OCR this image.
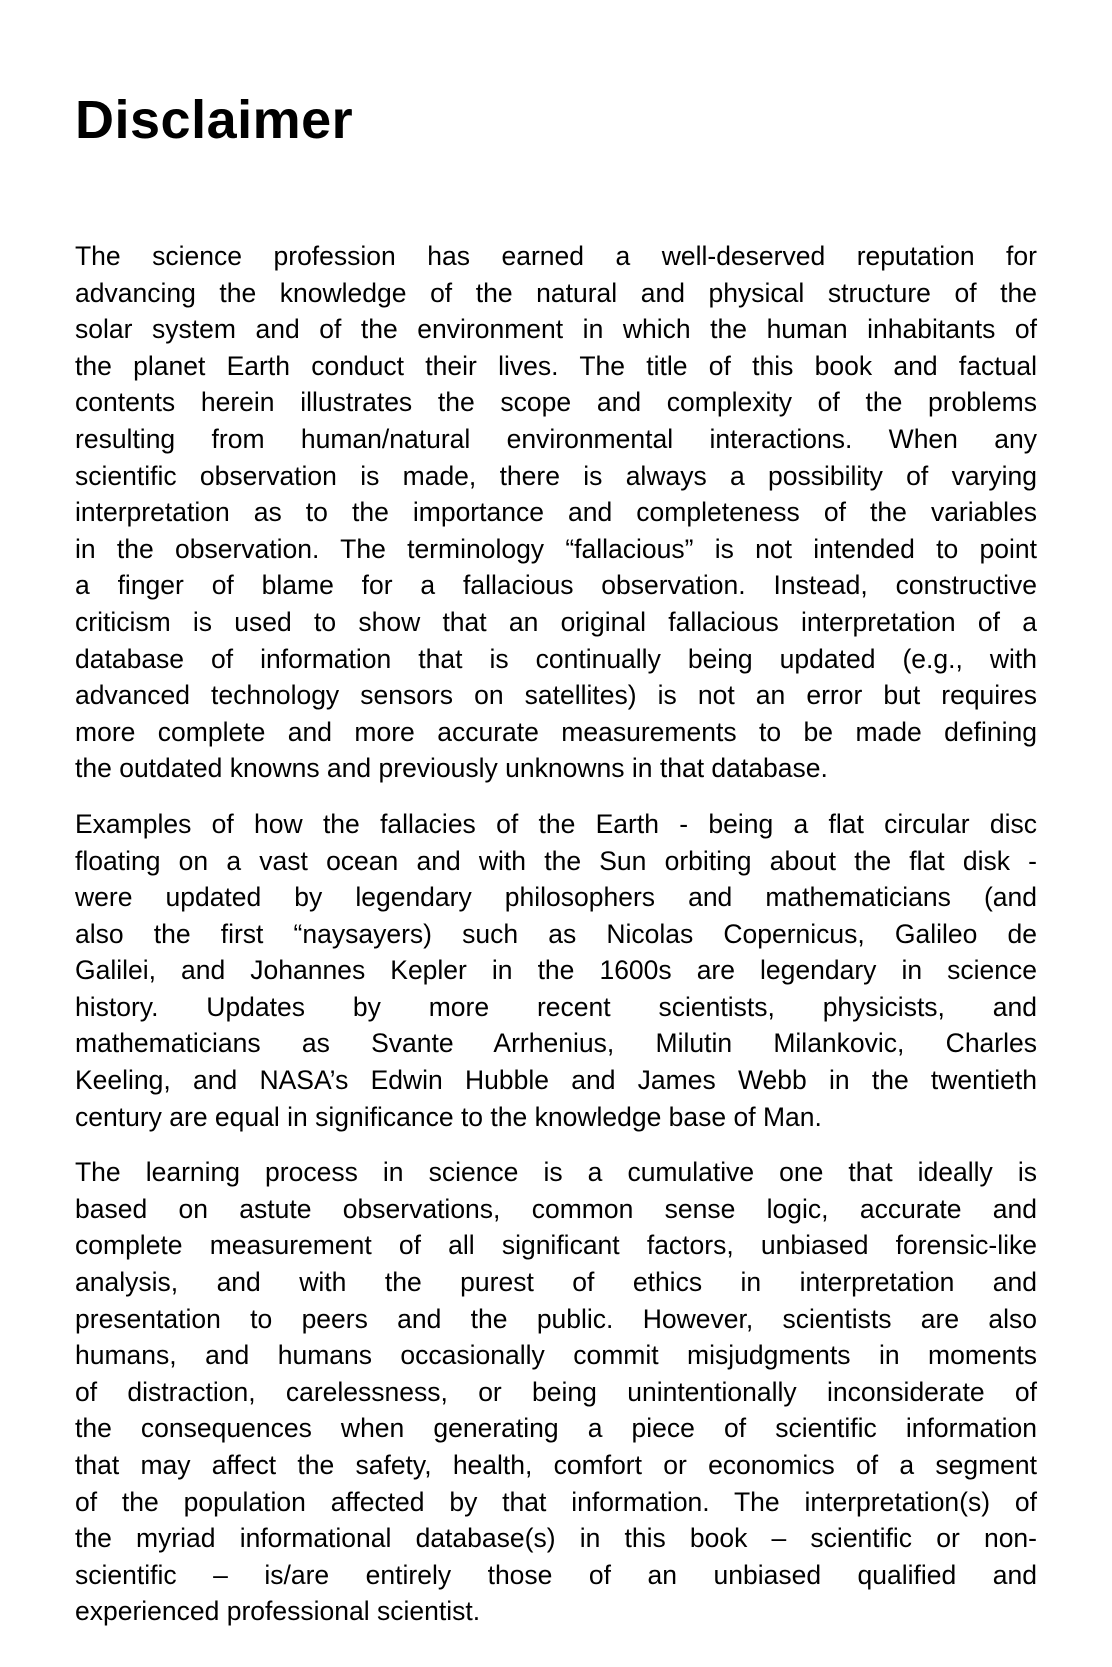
Disclaimer
The science profession has earned a well-deserved reputation for
advancing the knowledge of the natural and physical structure of the
solar system and of the environment in which the human inhabitants of
the planet Earth conduct their lives. The title of this book and factual
contents herein illustrates the scope and complexity of the problems
resulting from human/natural environmental interactions. When any
scientific observation is made, there is always a possibility of varying
interpretation as to the importance and completeness of the variables
in the observation. The terminology “fallacious” is not intended to point
a finger of blame for a fallacious observation. Instead, constructive
criticism is used to show that an original fallacious interpretation of a
database of information that is continually being updated (e.g., with
advanced technology sensors on satellites) is not an error but requires
more complete and more accurate measurements to be made defining
the outdated knowns and previously unknowns in that database.
Examples of how the fallacies of the Earth - being a flat circular disc
floating on a vast ocean and with the Sun orbiting about the flat disk -
were updated by legendary philosophers and mathematicians (and
also the first “naysayers) such as Nicolas Copernicus, Galileo de
Galilei, and Johannes Kepler in the 1600s are legendary in science
history. Updates by more recent scientists, physicists, and
mathematicians as Svante Arrhenius, Milutin Milankovic, Charles
Keeling, and NASA’s Edwin Hubble and James Webb in the twentieth
century are equal in significance to the knowledge base of Man.
The learning process in science is a cumulative one that ideally is
based on astute observations, common sense logic, accurate and
complete measurement of all significant factors, unbiased forensic-like
analysis, and with the purest of ethics in interpretation and
presentation to peers and the public. However, scientists are also
humans, and humans occasionally commit misjudgments in moments
of distraction, carelessness, or being unintentionally inconsiderate of
the consequences when generating a piece of scientific information
that may affect the safety, health, comfort or economics of a segment
of the population affected by that information. The interpretation(s) of
the myriad informational database(s) in this book – scientific or non-
scientific – is/are entirely those of an unbiased qualified and
experienced professional scientist.
